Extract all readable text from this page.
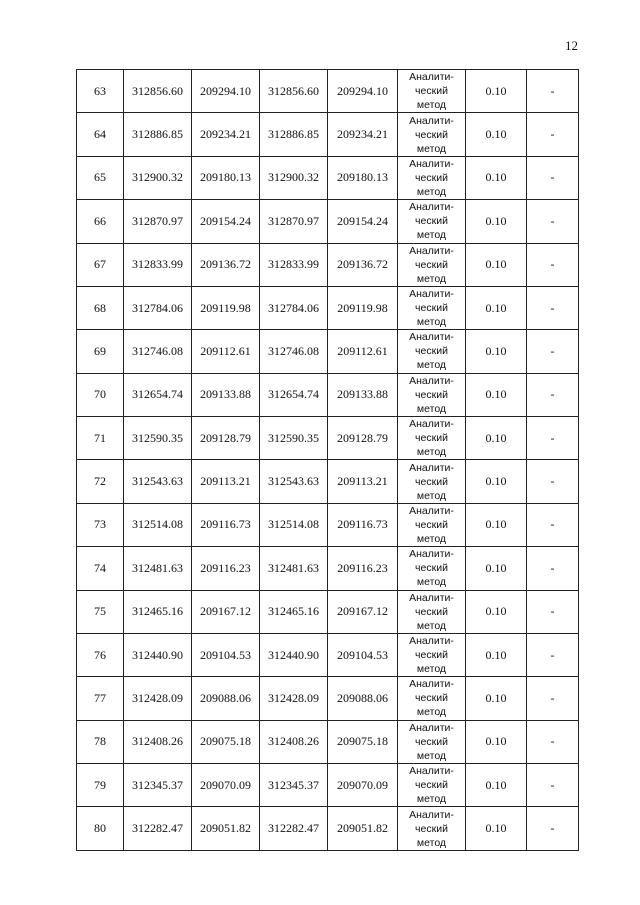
12
63	312856.60	209294.10	312856.60	209294.10	Аналити-
ческий
метод	0.10	-
64	312886.85	209234.21	312886.85	209234.21	Аналити-
ческий
метод	0.10	-
65	312900.32	209180.13	312900.32	209180.13	Аналити-
ческий
метод	0.10	-
66	312870.97	209154.24	312870.97	209154.24	Аналити-
ческий
метод	0.10	-
67	312833.99	209136.72	312833.99	209136.72	Аналити-
ческий
метод	0.10	-
68	312784.06	209119.98	312784.06	209119.98	Аналити-
ческий
метод	0.10	-
69	312746.08	209112.61	312746.08	209112.61	Аналити-
ческий
метод	0.10	-
70	312654.74	209133.88	312654.74	209133.88	Аналити-
ческий
метод	0.10	-
71	312590.35	209128.79	312590.35	209128.79	Аналити-
ческий
метод	0.10	-
72	312543.63	209113.21	312543.63	209113.21	Аналити-
ческий
метод	0.10	-
73	312514.08	209116.73	312514.08	209116.73	Аналити-
ческий
метод	0.10	-
74	312481.63	209116.23	312481.63	209116.23	Аналити-
ческий
метод	0.10	-
75	312465.16	209167.12	312465.16	209167.12	Аналити-
ческий
метод	0.10	-
76	312440.90	209104.53	312440.90	209104.53	Аналити-
ческий
метод	0.10	-
77	312428.09	209088.06	312428.09	209088.06	Аналити-
ческий
метод	0.10	-
78	312408.26	209075.18	312408.26	209075.18	Аналити-
ческий
метод	0.10	-
79	312345.37	209070.09	312345.37	209070.09	Аналити-
ческий
метод	0.10	-
80	312282.47	209051.82	312282.47	209051.82	Аналити-
ческий
метод	0.10	-
